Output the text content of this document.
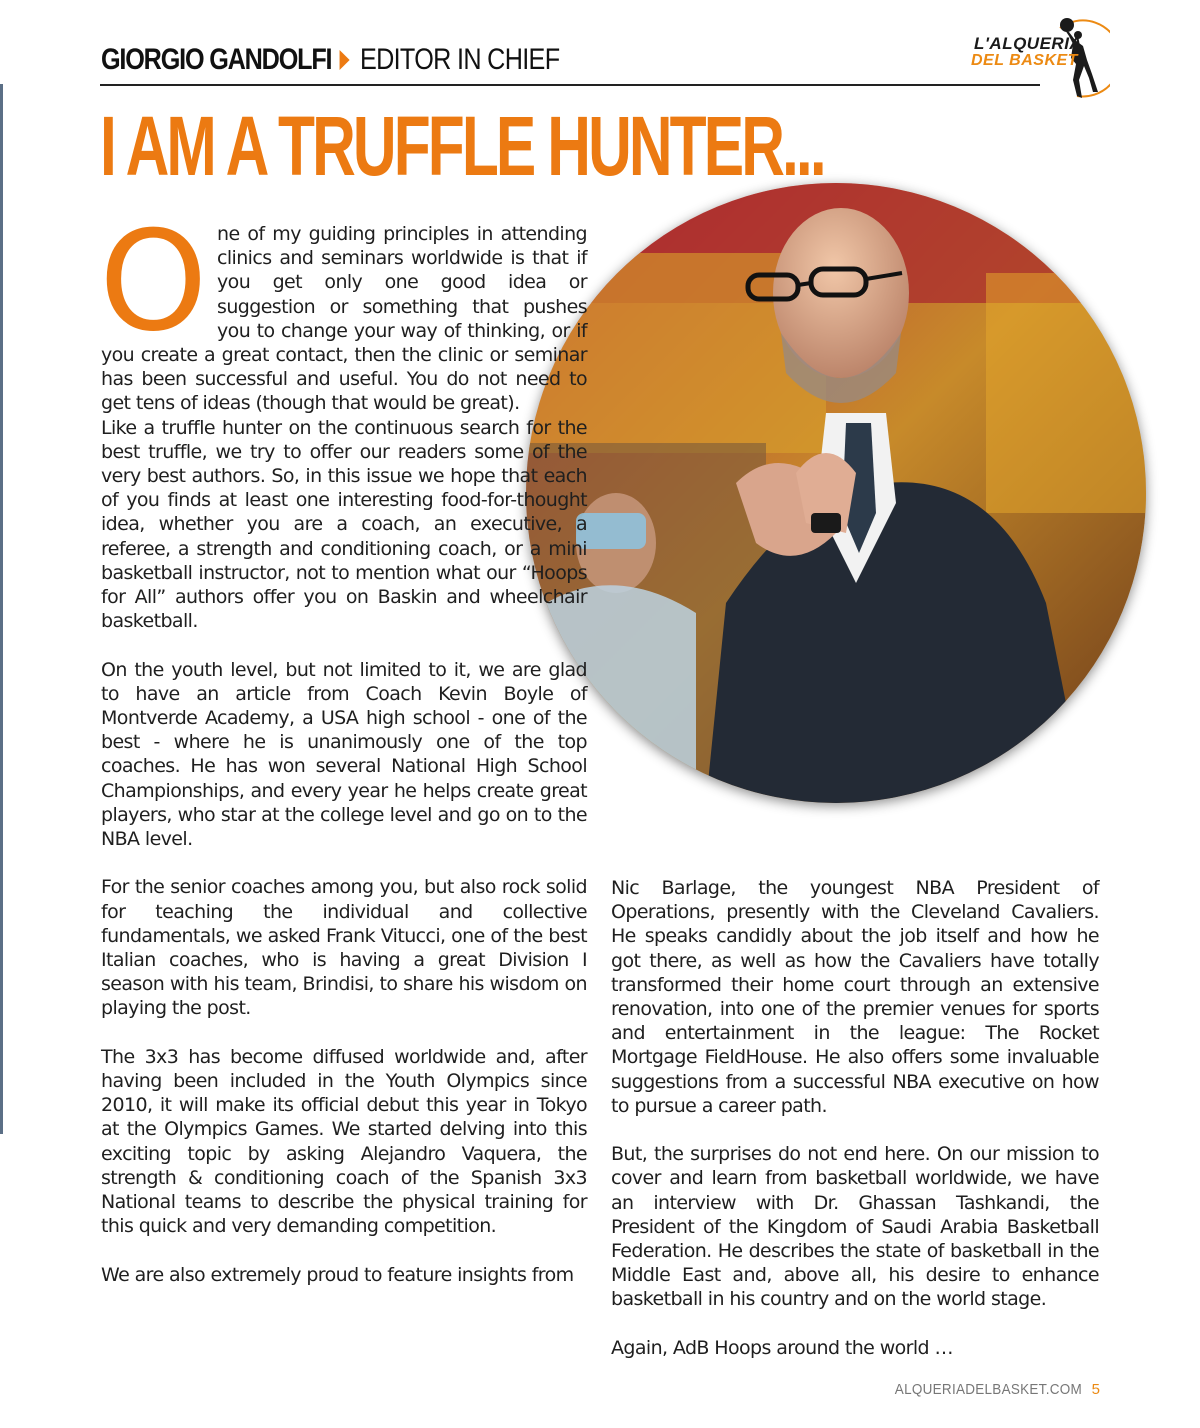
GIORGIO GANDOLFI EDITOR IN CHIEF	L'ALQUERIA
DEL BASKET
I AM A TRUFFLE HUNTER...

One of my guiding principles in attending clinics and seminars worldwide is that if you get only one good idea or suggestion or something that pushes you to change your way of thinking, or if you create a great contact, then the clinic or seminar has been successful and useful. You do not need to get tens of ideas (though that would be great).

Like a truffle hunter on the continuous search for the best truffle, we try to offer our readers some of the very best authors. So, in this issue we hope that each of you finds at least one interesting food-for-thought idea, whether you are a coach, an executive, a referee, a strength and conditioning coach, or a mini basketball instructor, not to mention what our “Hoops for All” authors offer you on Baskin and wheelchair basketball.

On the youth level, but not limited to it, we are glad to have an article from Coach Kevin Boyle of Montverde Academy, a USA high school - one of the best - where he is unanimously one of the top coaches. He has won several National High School Championships, and every year he helps create great players, who star at the college level and go on to the NBA level.

For the senior coaches among you, but also rock solid for teaching the individual and collective fundamentals, we asked Frank Vitucci, one of the best Italian coaches, who is having a great Division I season with his team, Brindisi, to share his wisdom on playing the post.

The 3x3 has become diffused worldwide and, after having been included in the Youth Olympics since 2010, it will make its official debut this year in Tokyo at the Olympics Games. We started delving into this exciting topic by asking Alejandro Vaquera, the strength & conditioning coach of the Spanish 3x3 National teams to describe the physical training for this quick and very demanding competition.

We are also extremely proud to feature insights from

Nic Barlage, the youngest NBA President of Operations, presently with the Cleveland Cavaliers. He speaks candidly about the job itself and how he got there, as well as how the Cavaliers have totally transformed their home court through an extensive renovation, into one of the premier venues for sports and entertainment in the league: The Rocket Mortgage FieldHouse. He also offers some invaluable suggestions from a successful NBA executive on how to pursue a career path.

But, the surprises do not end here. On our mission to cover and learn from basketball worldwide, we have an interview with Dr. Ghassan Tashkandi, the President of the Kingdom of Saudi Arabia Basketball Federation. He describes the state of basketball in the Middle East and, above all, his desire to enhance basketball in his country and on the world stage.

Again, AdB Hoops around the world …

ALQUERIADELBASKET.COM 5
